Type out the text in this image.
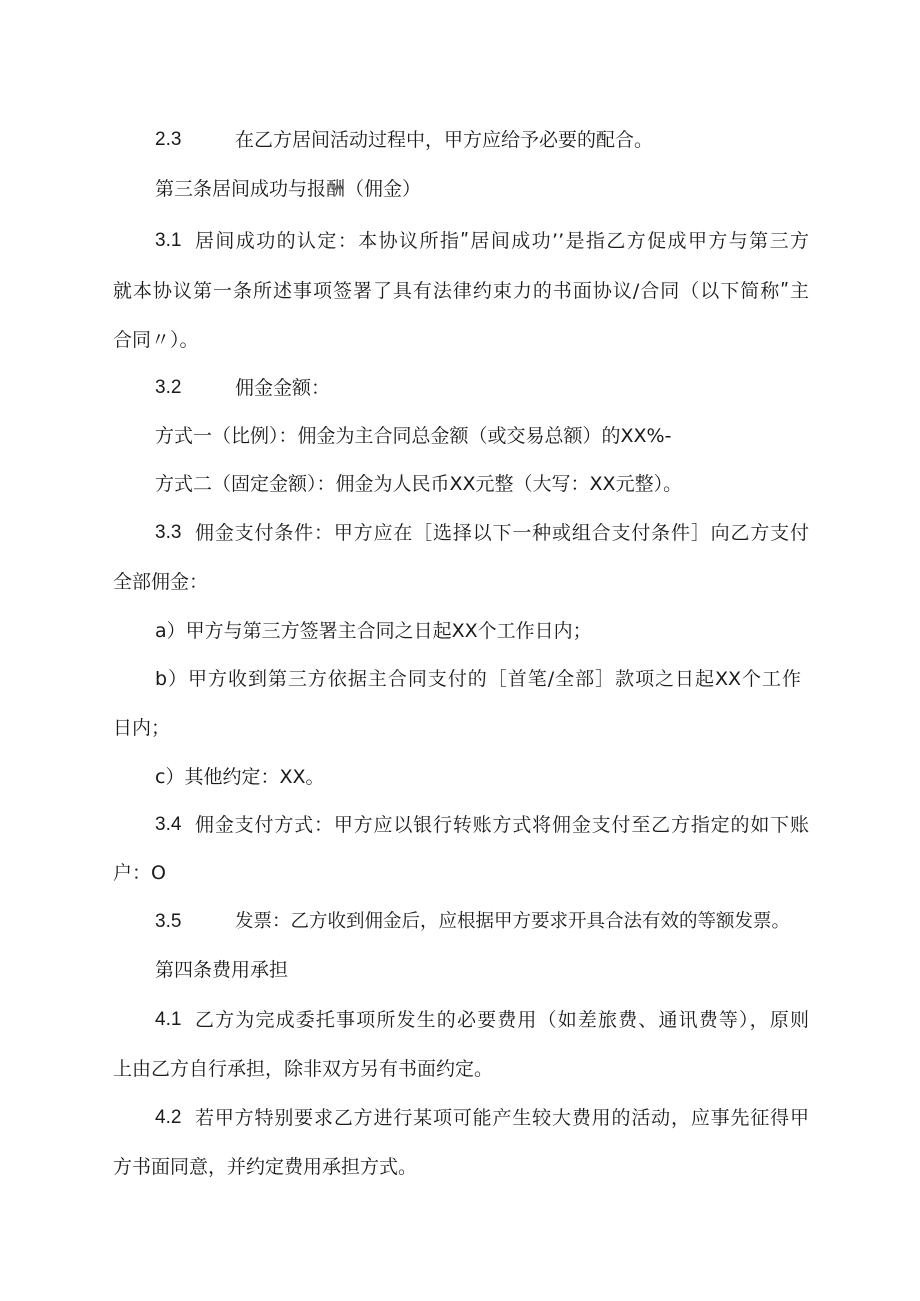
2.3	在乙方居间活动过程中，甲方应给予必要的配合。
第三条居间成功与报酬（佣金）
3.1 居间成功的认定：本协议所指ʺ居间成功’’是指乙方促成甲方与第三方
就本协议第一条所述事项签署了具有法律约束力的书面协议/合同（以下简称ʺ主
合同〃）。
3.2	佣金金额：
方式一（比例）：佣金为主合同总金额（或交易总额）的XX%-
方式二（固定金额）：佣金为人民币XX元整（大写：XX元整）。
3.3 佣金支付条件：甲方应在［选择以下一种或组合支付条件］向乙方支付
全部佣金：
a）甲方与第三方签署主合同之日起XX个工作日内；
b）甲方收到第三方依据主合同支付的［首笔/全部］款项之日起XX个工作
日内；
c）其他约定：XX。
3.4 佣金支付方式：甲方应以银行转账方式将佣金支付至乙方指定的如下账
户：O
3.5	发票：乙方收到佣金后，应根据甲方要求开具合法有效的等额发票。
第四条费用承担
4.1 乙方为完成委托事项所发生的必要费用（如差旅费、通讯费等），原则
上由乙方自行承担，除非双方另有书面约定。
4.2 若甲方特别要求乙方进行某项可能产生较大费用的活动，应事先征得甲
方书面同意，并约定费用承担方式。
